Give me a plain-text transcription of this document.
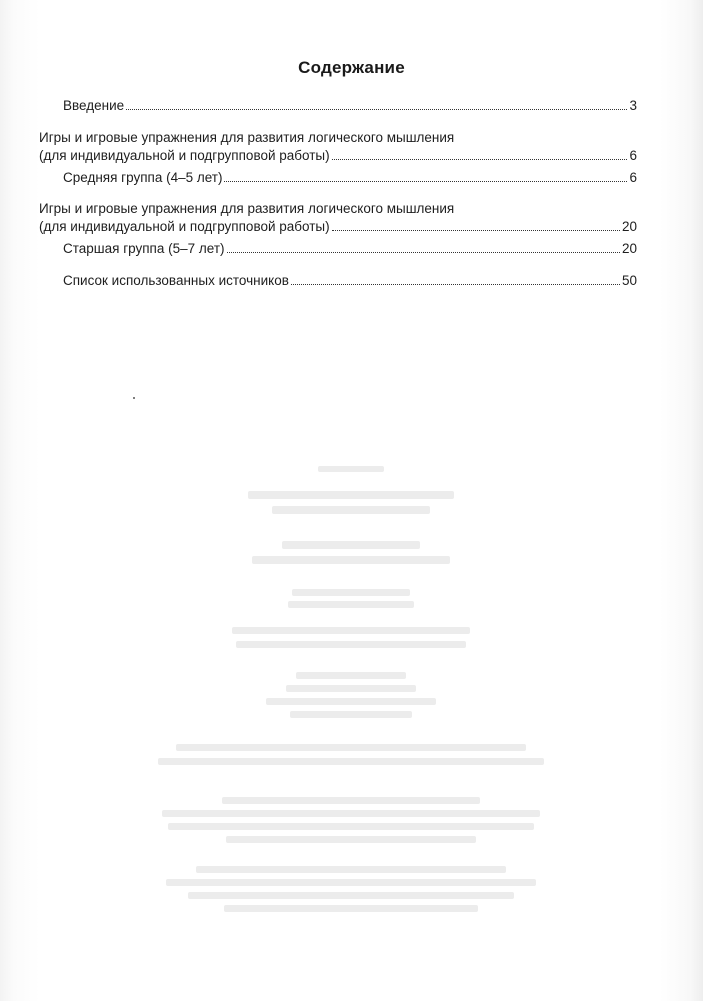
Содержание
Введение	3
Игры и игровые упражнения для развития логического мышления
(для индивидуальной и подгрупповой работы)	6
Средняя группа (4–5 лет)	6
Игры и игровые упражнения для развития логического мышления
(для индивидуальной и подгрупповой работы)	20
Старшая группа (5–7 лет)	20
Список использованных источников	50
